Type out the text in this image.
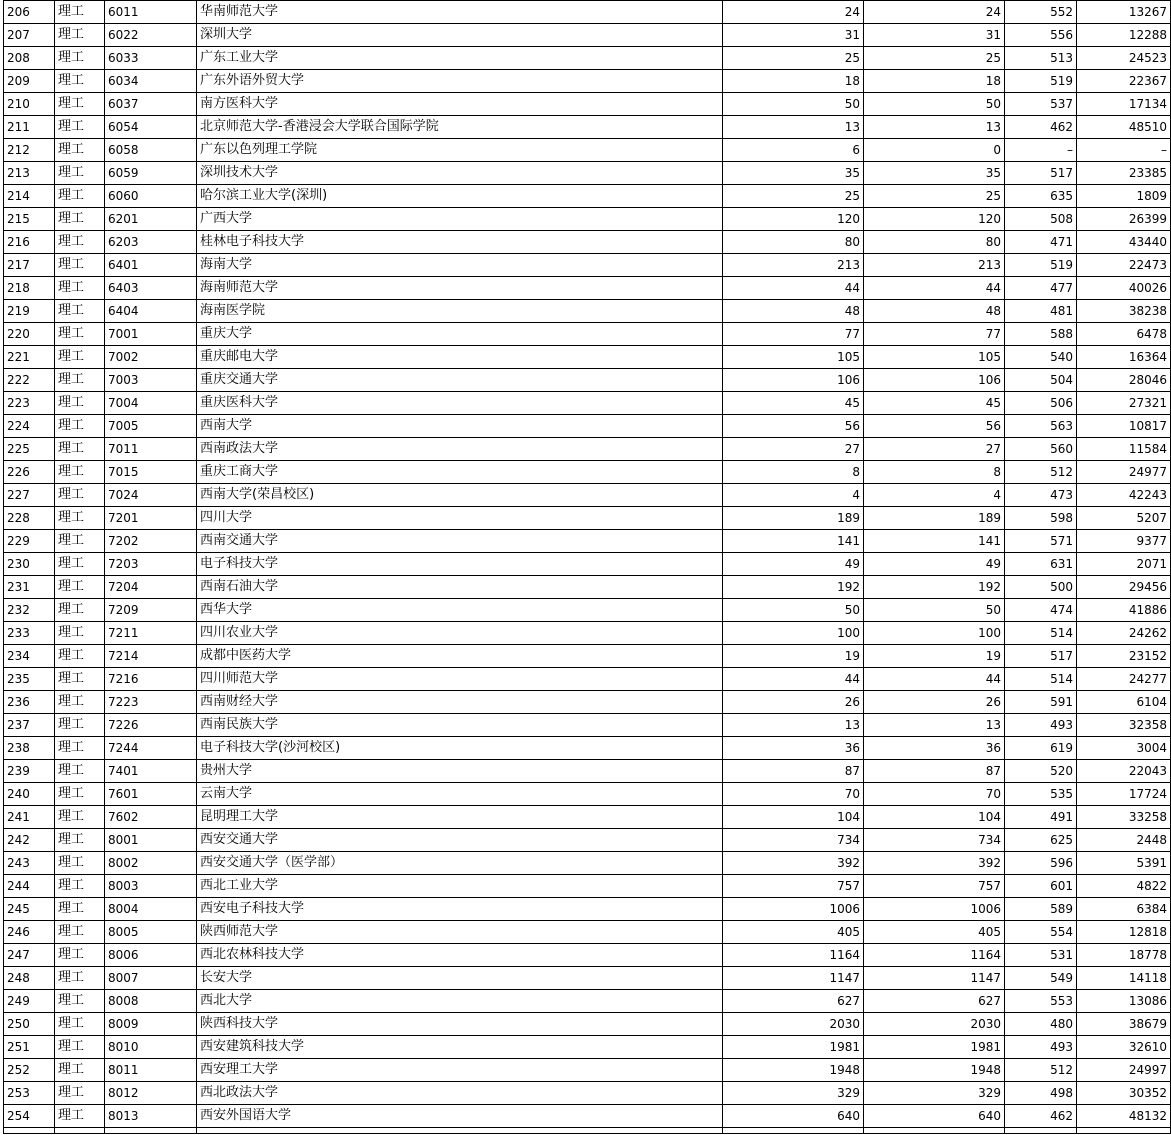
206	理工	6011	华南师范大学	24	24	552	13267
207	理工	6022	深圳大学	31	31	556	12288
208	理工	6033	广东工业大学	25	25	513	24523
209	理工	6034	广东外语外贸大学	18	18	519	22367
210	理工	6037	南方医科大学	50	50	537	17134
211	理工	6054	北京师范大学-香港浸会大学联合国际学院	13	13	462	48510
212	理工	6058	广东以色列理工学院	6	0	–	–
213	理工	6059	深圳技术大学	35	35	517	23385
214	理工	6060	哈尔滨工业大学(深圳)	25	25	635	1809
215	理工	6201	广西大学	120	120	508	26399
216	理工	6203	桂林电子科技大学	80	80	471	43440
217	理工	6401	海南大学	213	213	519	22473
218	理工	6403	海南师范大学	44	44	477	40026
219	理工	6404	海南医学院	48	48	481	38238
220	理工	7001	重庆大学	77	77	588	6478
221	理工	7002	重庆邮电大学	105	105	540	16364
222	理工	7003	重庆交通大学	106	106	504	28046
223	理工	7004	重庆医科大学	45	45	506	27321
224	理工	7005	西南大学	56	56	563	10817
225	理工	7011	西南政法大学	27	27	560	11584
226	理工	7015	重庆工商大学	8	8	512	24977
227	理工	7024	西南大学(荣昌校区)	4	4	473	42243
228	理工	7201	四川大学	189	189	598	5207
229	理工	7202	西南交通大学	141	141	571	9377
230	理工	7203	电子科技大学	49	49	631	2071
231	理工	7204	西南石油大学	192	192	500	29456
232	理工	7209	西华大学	50	50	474	41886
233	理工	7211	四川农业大学	100	100	514	24262
234	理工	7214	成都中医药大学	19	19	517	23152
235	理工	7216	四川师范大学	44	44	514	24277
236	理工	7223	西南财经大学	26	26	591	6104
237	理工	7226	西南民族大学	13	13	493	32358
238	理工	7244	电子科技大学(沙河校区)	36	36	619	3004
239	理工	7401	贵州大学	87	87	520	22043
240	理工	7601	云南大学	70	70	535	17724
241	理工	7602	昆明理工大学	104	104	491	33258
242	理工	8001	西安交通大学	734	734	625	2448
243	理工	8002	西安交通大学（医学部）	392	392	596	5391
244	理工	8003	西北工业大学	757	757	601	4822
245	理工	8004	西安电子科技大学	1006	1006	589	6384
246	理工	8005	陕西师范大学	405	405	554	12818
247	理工	8006	西北农林科技大学	1164	1164	531	18778
248	理工	8007	长安大学	1147	1147	549	14118
249	理工	8008	西北大学	627	627	553	13086
250	理工	8009	陕西科技大学	2030	2030	480	38679
251	理工	8010	西安建筑科技大学	1981	1981	493	32610
252	理工	8011	西安理工大学	1948	1948	512	24997
253	理工	8012	西北政法大学	329	329	498	30352
254	理工	8013	西安外国语大学	640	640	462	48132
